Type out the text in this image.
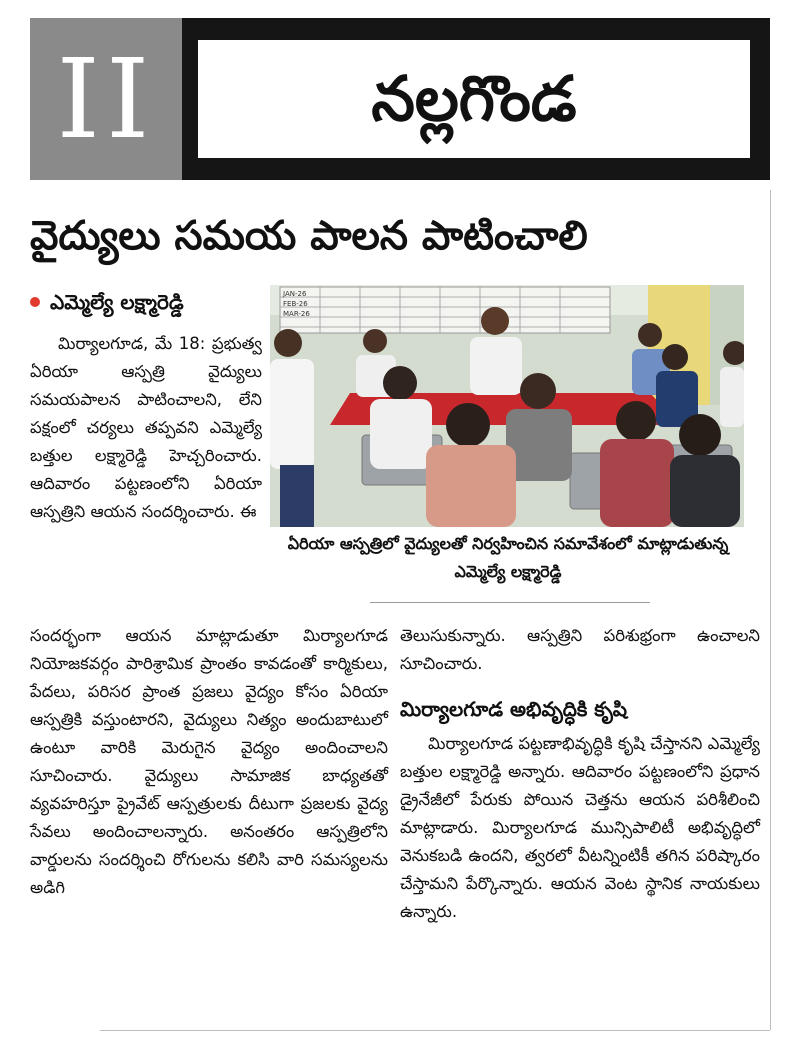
II	నల్లగొండ
వైద్యులు సమయ పాలన పాటించాలి
ఎమ్మెల్యే లక్ష్మారెడ్డి

మిర్యాలగూడ, మే 18: ప్రభుత్వ ఏరియా ఆస్పత్రి వైద్యులు సమయపాలన పాటించాలని, లేని పక్షంలో చర్యలు తప్పవని ఎమ్మెల్యే బత్తుల లక్ష్మారెడ్డి హెచ్చరించారు. ఆదివారం పట్టణంలోని ఏరియా ఆస్పత్రిని ఆయన సందర్శించారు. ఈ

JAN-26
FEB-26
MAR-26
ఏరియా ఆస్పత్రిలో వైద్యులతో నిర్వహించిన సమావేశంలో మాట్లాడుతున్న ఎమ్మెల్యే లక్ష్మారెడ్డి

సందర్భంగా ఆయన మాట్లాడుతూ మిర్యాలగూడ నియోజకవర్గం పారిశ్రామిక ప్రాంతం కావడంతో కార్మికులు, పేదలు, పరిసర ప్రాంత ప్రజలు వైద్యం కోసం ఏరియా ఆస్పత్రికి వస్తుంటారని, వైద్యులు నిత్యం అందుబాటులో ఉంటూ వారికి మెరుగైన వైద్యం అందించాలని సూచించారు. వైద్యులు సామాజిక బాధ్యతతో వ్యవహరిస్తూ ప్రైవేట్ ఆస్పత్రులకు దీటుగా ప్రజలకు వైద్య సేవలు అందించాలన్నారు. అనంతరం ఆస్పత్రిలోని వార్డులను సందర్శించి రోగులను కలిసి వారి సమస్యలను అడిగి

తెలుసుకున్నారు. ఆస్పత్రిని పరిశుభ్రంగా ఉంచాలని సూచించారు.

మిర్యాలగూడ అభివృద్ధికి కృషి

మిర్యాలగూడ పట్టణాభివృద్ధికి కృషి చేస్తానని ఎమ్మెల్యే బత్తుల లక్ష్మారెడ్డి అన్నారు. ఆదివారం పట్టణంలోని ప్రధాన డ్రైనేజీలో పేరుకు పోయిన చెత్తను ఆయన పరిశీలించి మాట్లాడారు. మిర్యాలగూడ మున్సిపాలిటీ అభివృద్ధిలో వెనుకబడి ఉందని, త్వరలో వీటన్నింటికీ తగిన పరిష్కారం చేస్తామని పేర్కొన్నారు. ఆయన వెంట స్థానిక నాయకులు ఉన్నారు.
